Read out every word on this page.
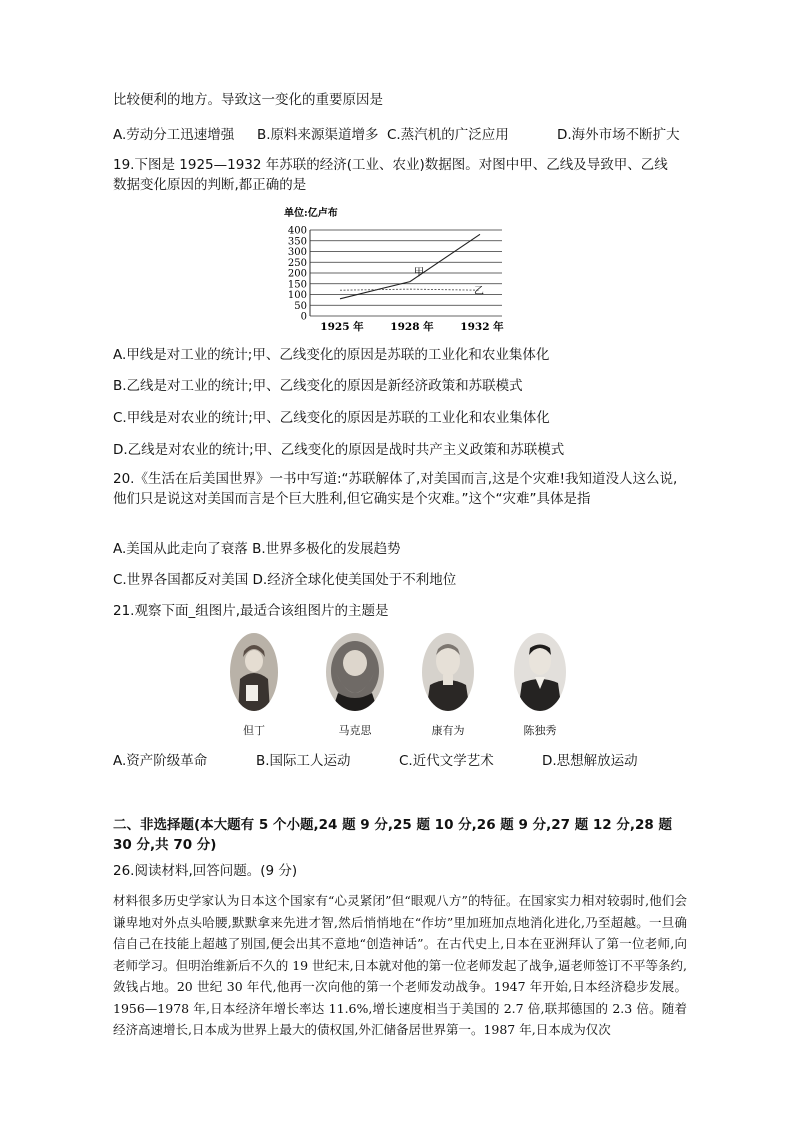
比较便利的地方。导致这一变化的重要原因是
A.劳动分工迅速增强 B.原料来源渠道增多 C.蒸汽机的广泛应用	D.海外市场不断扩大
19.下图是 1925—1932 年苏联的经济(工业、农业)数据图。对图中甲、乙线及导致甲、乙线
数据变化原因的判断,都正确的是
单位:亿卢布
0
50
100
150
200
250
300
350
400
甲
乙
1925 年	1928 年	1932 年
A.甲线是对工业的统计;甲、乙线变化的原因是苏联的工业化和农业集体化
B.乙线是对工业的统计;甲、乙线变化的原因是新经济政策和苏联模式
C.甲线是对农业的统计;甲、乙线变化的原因是苏联的工业化和农业集体化
D.乙线是对农业的统计;甲、乙线变化的原因是战时共产主义政策和苏联模式
20.《生活在后美国世界》一书中写道:“苏联解体了,对美国而言,这是个灾难!我知道没人这么说,他们只是说这对美国而言是个巨大胜利,但它确实是个灾难。”这个“灾难”具体是指
A.美国从此走向了衰落 B.世界多极化的发展趋势
C.世界各国都反对美国 D.经济全球化使美国处于不利地位
21.观察下面_组图片,最适合该组图片的主题是
但丁	马克思	康有为	陈独秀
A.资产阶级革命	B.国际工人运动	C.近代文学艺术	D.思想解放运动
二、非选择题(本大题有 5 个小题,24 题 9 分,25 题 10 分,26 题 9 分,27 题 12 分,28 题 30 分,共 70 分)
26.阅读材料,回答问题。(9 分)
材料很多历史学家认为日本这个国家有“心灵紧闭”但“眼观八方”的特征。在国家实力相对较弱时,他们会谦卑地对外点头哈腰,默默拿来先进才智,然后悄悄地在“作坊”里加班加点地消化进化,乃至超越。一旦确信自己在技能上超越了别国,便会出其不意地“创造神话”。在古代史上,日本在亚洲拜认了第一位老师,向老师学习。但明治维新后不久的 19 世纪末,日本就对他的第一位老师发起了战争,逼老师签订不平等条约,敛钱占地。20 世纪 30 年代,他再一次向他的第一个老师发动战争。1947 年开始,日本经济稳步发展。1956—1978 年,日本经济年增长率达 11.6%,增长速度相当于美国的 2.7 倍,联邦德国的 2.3 倍。随着经济高速增长,日本成为世界上最大的债权国,外汇储备居世界第一。1987 年,日本成为仅次
